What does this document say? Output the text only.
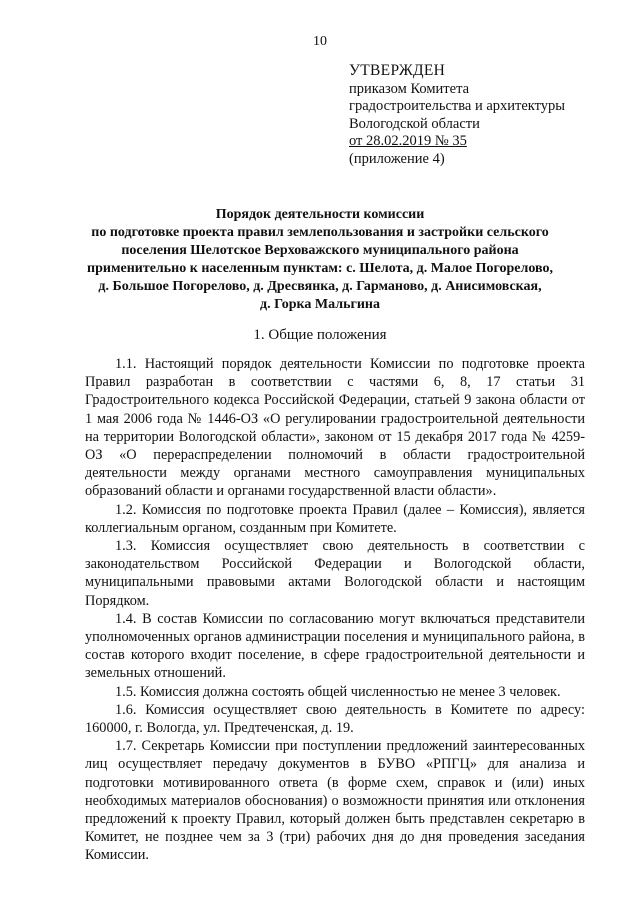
10
УТВЕРЖДЕН
приказом Комитета
градостроительства и архитектуры
Вологодской области
от 28.02.2019 № 35
(приложение 4)
Порядок деятельности комиссии
по подготовке проекта правил землепользования и застройки сельского
поселения Шелотское Верховажского муниципального района
применительно к населенным пунктам: с. Шелота, д. Малое Погорелово,
д. Большое Погорелово, д. Дресвянка, д. Гарманово, д. Анисимовская,
д. Горка Мальгина
1. Общие положения

1.1. Настоящий порядок деятельности Комиссии по подготовке проекта Правил разработан в соответствии с частями 6, 8, 17 статьи 31 Градостроительного кодекса Российской Федерации, статьей 9 закона области от 1 мая 2006 года № 1446-ОЗ «О регулировании градостроительной деятельности на территории Вологодской области», законом от 15 декабря 2017 года № 4259-ОЗ «О перераспределении полномочий в области градостроительной деятельности между органами местного самоуправления муниципальных образований области и органами государственной власти области».

1.2. Комиссия по подготовке проекта Правил (далее – Комиссия), является коллегиальным органом, созданным при Комитете.

1.3. Комиссия осуществляет свою деятельность в соответствии с законодательством Российской Федерации и Вологодской области, муниципальными правовыми актами Вологодской области и настоящим Порядком.

1.4. В состав Комиссии по согласованию могут включаться представители уполномоченных органов администрации поселения и муниципального района, в состав которого входит поселение, в сфере градостроительной деятельности и земельных отношений.

1.5. Комиссия должна состоять общей численностью не менее 3 человек.

1.6. Комиссия осуществляет свою деятельность в Комитете по адресу: 160000, г. Вологда, ул. Предтеченская, д. 19.

1.7. Секретарь Комиссии при поступлении предложений заинтересованных лиц осуществляет передачу документов в БУВО «РПГЦ» для анализа и подготовки мотивированного ответа (в форме схем, справок и (или) иных необходимых материалов обоснования) о возможности принятия или отклонения предложений к проекту Правил, который должен быть представлен секретарю в Комитет, не позднее чем за 3 (три) рабочих дня до дня проведения заседания Комиссии.
